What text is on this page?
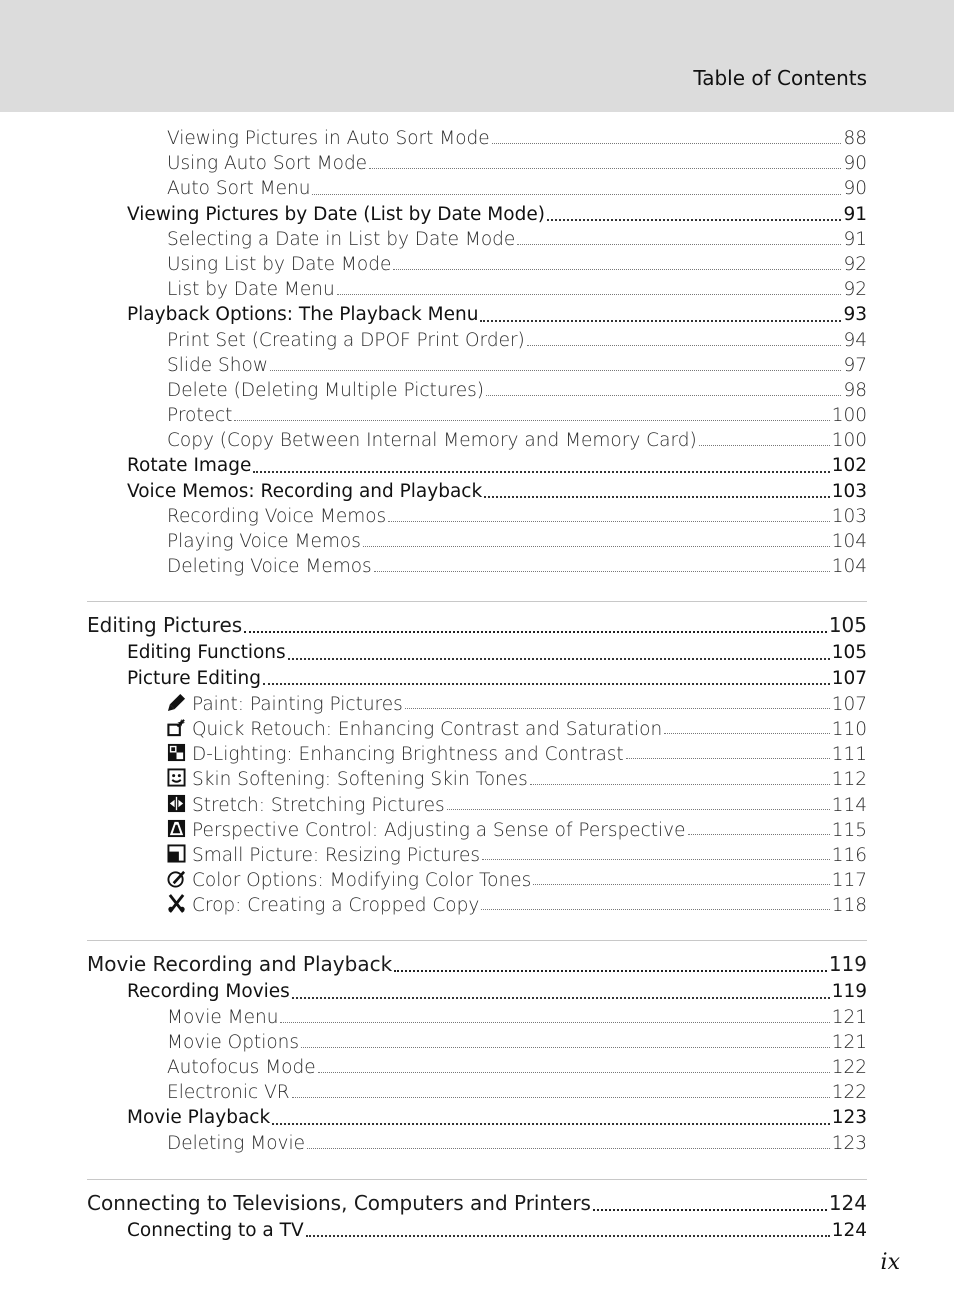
Table of Contents
Viewing Pictures in Auto Sort Mode	88
Using Auto Sort Mode	90
Auto Sort Menu	90
Viewing Pictures by Date (List by Date Mode)	91
Selecting a Date in List by Date Mode	91
Using List by Date Mode	92
List by Date Menu	92
Playback Options: The Playback Menu	93
Print Set (Creating a DPOF Print Order)	94
Slide Show	97
Delete (Deleting Multiple Pictures)	98
Protect	100
Copy (Copy Between Internal Memory and Memory Card)	100
Rotate Image	102
Voice Memos: Recording and Playback	103
Recording Voice Memos	103
Playing Voice Memos	104
Deleting Voice Memos	104
Editing Pictures	105
Editing Functions	105
Picture Editing	107
Paint: Painting Pictures	107
Quick Retouch: Enhancing Contrast and Saturation	110
D-Lighting: Enhancing Brightness and Contrast	111
Skin Softening: Softening Skin Tones	112
Stretch: Stretching Pictures	114
Perspective Control: Adjusting a Sense of Perspective	115
Small Picture: Resizing Pictures	116
Color Options: Modifying Color Tones	117
Crop: Creating a Cropped Copy	118
Movie Recording and Playback	119
Recording Movies	119
Movie Menu	121
Movie Options	121
Autofocus Mode	122
Electronic VR	122
Movie Playback	123
Deleting Movie	123
Connecting to Televisions, Computers and Printers	124
Connecting to a TV	124
ix
